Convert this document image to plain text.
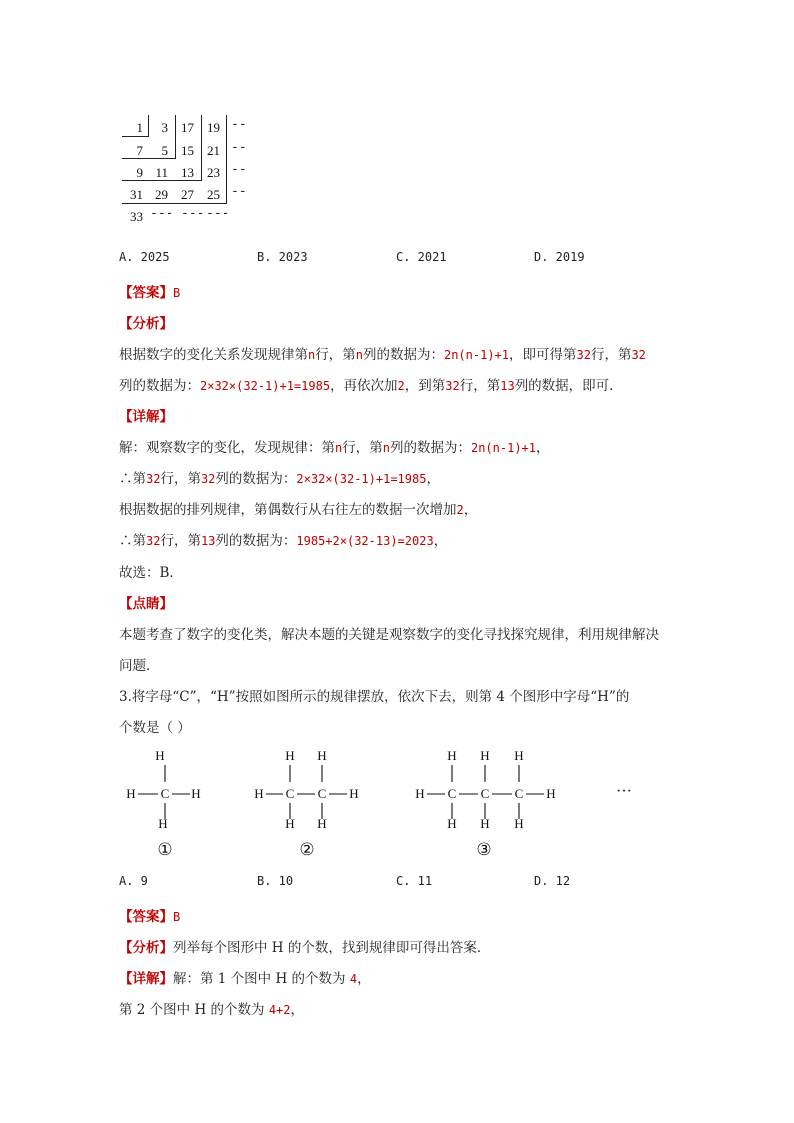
1	3	17	19 --
7	5	15	21 --
9 11	13	23 --
31 29	27	25 --
33 --- --- ---
A. 2025	B. 2023	C. 2021	D. 2019
【答案】B
【分析】
根据数字的变化关系发现规律第n行，第n列的数据为：2n(n-1)+1，即可得第32行，第32
列的数据为：2×32×(32-1)+1=1985，再依次加2，到第32行，第13列的数据，即可．
【详解】
解：观察数字的变化，发现规律：第n行，第n列的数据为：2n(n-1)+1，
∴第32行，第32列的数据为：2×32×(32-1)+1=1985，
根据数据的排列规律，第偶数行从右往左的数据一次增加2，
∴第32行，第13列的数据为：1985+2×(32-13)=2023，
故选：B．
【点睛】
本题考查了数字的变化类，解决本题的关键是观察数字的变化寻找探究规律，利用规律解决
问题．
3.将字母“C”，“H”按照如图所示的规律摆放，依次下去，则第 4 个图形中字母“H”的
个数是（ ）
H
H C H
H
①
H H
H C C H
H H
②
H H H
H C C C H
H H H
③
···
A. 9	B. 10	C. 11	D. 12
【答案】B
【分析】列举每个图形中 H 的个数，找到规律即可得出答案．
【详解】解：第 1 个图中 H 的个数为 4，
第 2 个图中 H 的个数为 4+2，
